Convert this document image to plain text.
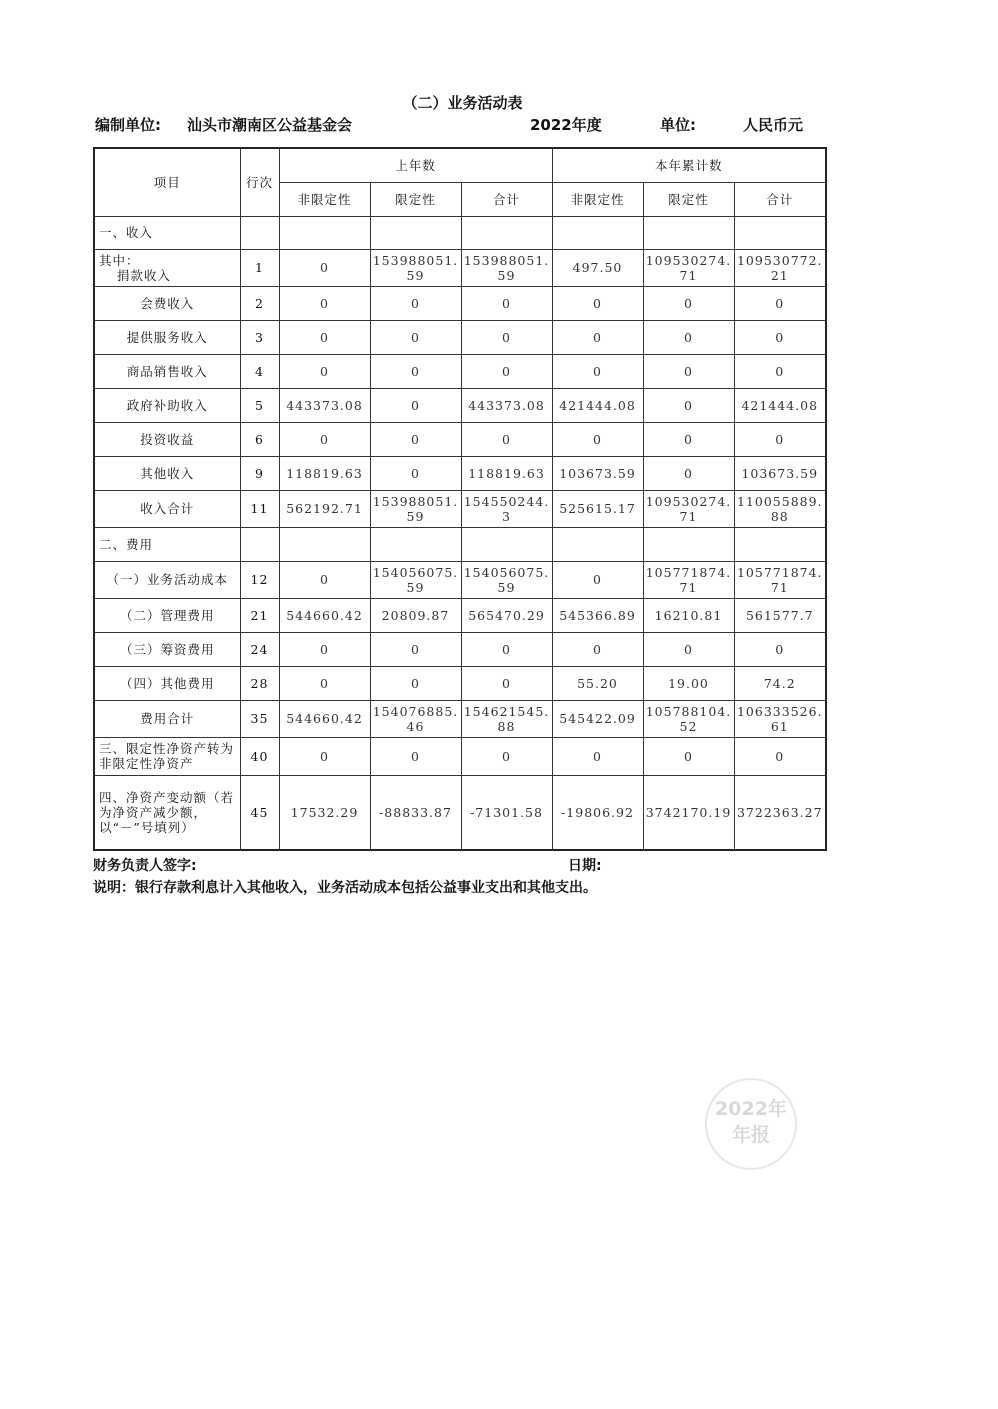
（二）业务活动表
编制单位: 汕头市潮南区公益基金会	2022年度	单位:	人民币元
项目	行次	上年数			本年累计数		
		非限定性	限定性	合计	非限定性	限定性	合计
一、收入							

其中：
捐款收入	1	0	153988051.59	153988051.59	497.50	109530274.71	109530772.21
会费收入	2	0	0	0	0	0	0
提供服务收入	3	0	0	0	0	0	0
商品销售收入	4	0	0	0	0	0	0
政府补助收入	5	443373.08	0	443373.08	421444.08	0	421444.08
投资收益	6	0	0	0	0	0	0
其他收入	9	118819.63	0	118819.63	103673.59	0	103673.59
收入合计	11	562192.71	153988051.59	154550244.3	525615.17	109530274.71	110055889.88
二、费用							
（一）业务活动成本	12	0	154056075.59	154056075.59	0	105771874.71	105771874.71
（二）管理费用	21	544660.42	20809.87	565470.29	545366.89	16210.81	561577.7
（三）筹资费用	24	0	0	0	0	0	0
（四）其他费用	28	0	0	0	55.20	19.00	74.2
费用合计	35	544660.42	154076885.46	154621545.88	545422.09	105788104.52	106333526.61
三、限定性净资产转为非限定性净资产	40	0	0	0	0	0	0
四、净资产变动额（若为净资产减少额，以“－”号填列）	45	17532.29	-88833.87	-71301.58	-19806.92	3742170.19	3722363.27
财务负责人签字:	日期:
说明：银行存款利息计入其他收入，业务活动成本包括公益事业支出和其他支出。
2022年
年报
